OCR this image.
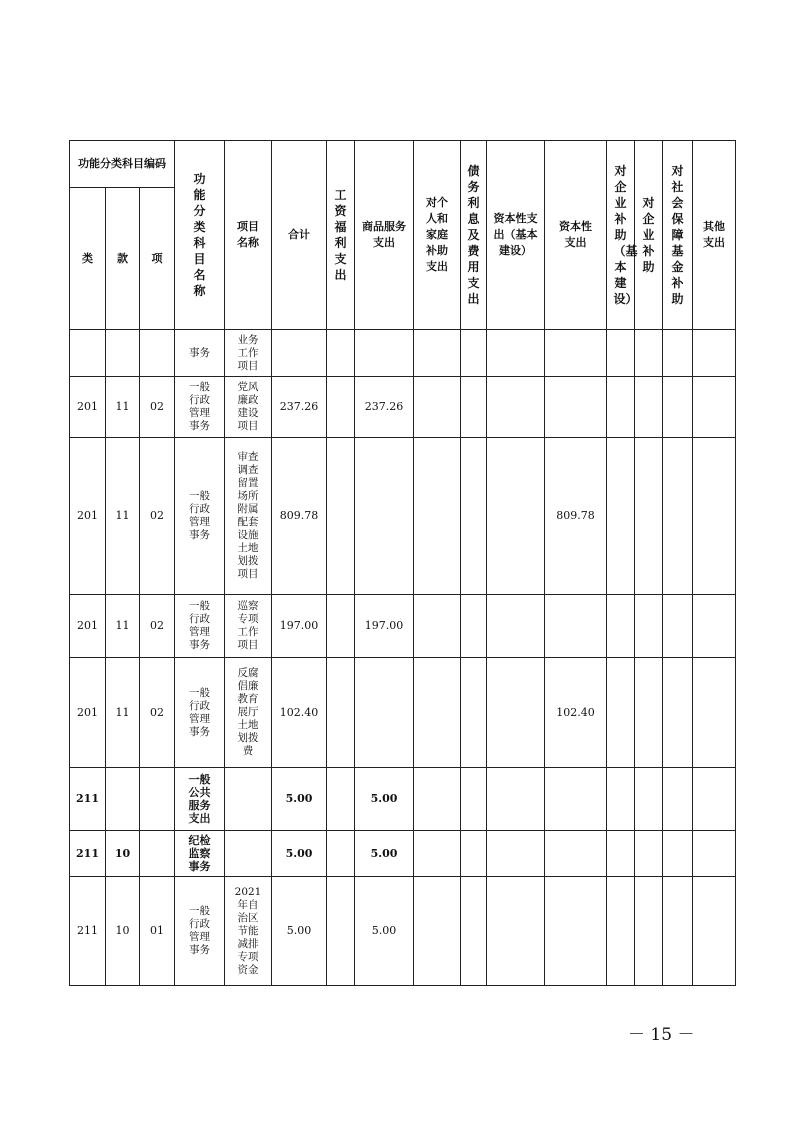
功能分类科目编码			功能分类科目名称	项目名称	合计	工资福利支出	商品服务支出	对个人和家庭补助支出	债务利息及费用支出	资本性支出（基本建设）	资本性支出	对企业补助（基本建设）	对企业补助	对社会保障基金补助	其他支出
类	款	项													

			事务	业务工作项目											

201	11	02	一般行政管理事务	党风廉政建设项目	237.26		237.26								
201	11	02	一般行政管理事务	审查调查留置场所附属配套设施土地划拨项目	809.78						809.78				
201	11	02	一般行政管理事务	巡察专项工作项目	197.00		197.00								
201	11	02	一般行政管理事务	反腐倡廉教育展厅土地划拨费	102.40						102.40				
211			一般公共服务支出		5.00		5.00								
211	10		纪检监察事务		5.00		5.00								
211	10	01	一般行政管理事务	2021年自治区节能减排专项资金	5.00		5.00								
－ 15 －
